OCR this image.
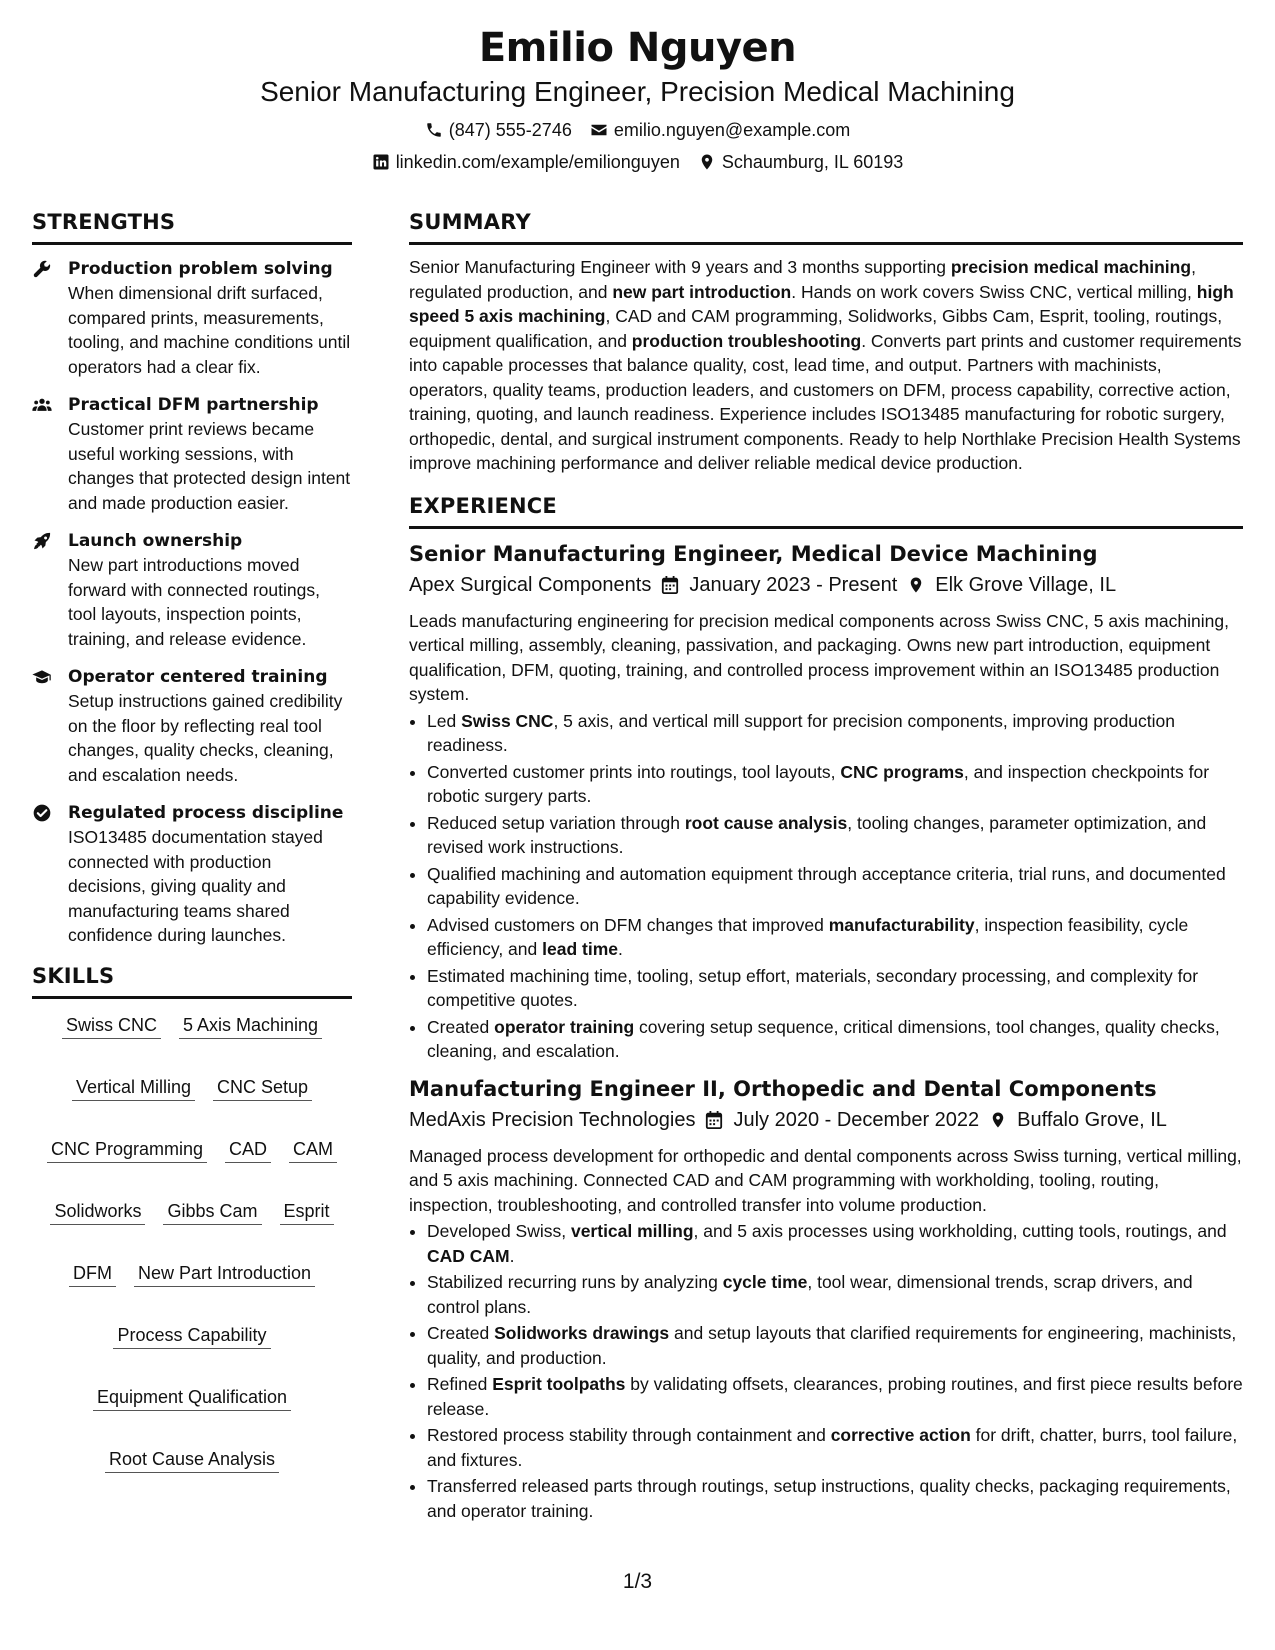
Emilio Nguyen
Senior Manufacturing Engineer, Precision Medical Machining
(847) 555-2746 emilio.nguyen@example.com
linkedin.com/example/emilionguyen Schaumburg, IL 60193
STRENGTHS
Production problem solving
When dimensional drift surfaced, compared prints, measurements, tooling, and machine conditions until operators had a clear fix.
Practical DFM partnership
Customer print reviews became useful working sessions, with changes that protected design intent and made production easier.
Launch ownership
New part introductions moved forward with connected routings, tool layouts, inspection points, training, and release evidence.
Operator centered training
Setup instructions gained credibility on the floor by reflecting real tool changes, quality checks, cleaning, and escalation needs.
Regulated process discipline
ISO13485 documentation stayed connected with production decisions, giving quality and manufacturing teams shared confidence during launches.
SKILLS
Swiss CNC 5 Axis Machining
Vertical Milling CNC Setup
CNC Programming CAD CAM
Solidworks Gibbs Cam Esprit
DFM New Part Introduction
Process Capability
Equipment Qualification
Root Cause Analysis
SUMMARY
Senior Manufacturing Engineer with 9 years and 3 months supporting precision medical machining, regulated production, and new part introduction. Hands on work covers Swiss CNC, vertical milling, high speed 5 axis machining, CAD and CAM programming, Solidworks, Gibbs Cam, Esprit, tooling, routings, equipment qualification, and production troubleshooting. Converts part prints and customer requirements into capable processes that balance quality, cost, lead time, and output. Partners with machinists, operators, quality teams, production leaders, and customers on DFM, process capability, corrective action, training, quoting, and launch readiness. Experience includes ISO13485 manufacturing for robotic surgery, orthopedic, dental, and surgical instrument components. Ready to help Northlake Precision Health Systems improve machining performance and deliver reliable medical device production.
EXPERIENCE
Senior Manufacturing Engineer, Medical Device Machining
Apex Surgical Components January 2023 - Present Elk Grove Village, IL
Leads manufacturing engineering for precision medical components across Swiss CNC, 5 axis machining, vertical milling, assembly, cleaning, passivation, and packaging. Owns new part introduction, equipment qualification, DFM, quoting, training, and controlled process improvement within an ISO13485 production system.
• Led Swiss CNC, 5 axis, and vertical mill support for precision components, improving production readiness.
• Converted customer prints into routings, tool layouts, CNC programs, and inspection checkpoints for robotic surgery parts.
• Reduced setup variation through root cause analysis, tooling changes, parameter optimization, and revised work instructions.
• Qualified machining and automation equipment through acceptance criteria, trial runs, and documented capability evidence.
• Advised customers on DFM changes that improved manufacturability, inspection feasibility, cycle efficiency, and lead time.
• Estimated machining time, tooling, setup effort, materials, secondary processing, and complexity for competitive quotes.
• Created operator training covering setup sequence, critical dimensions, tool changes, quality checks, cleaning, and escalation.
Manufacturing Engineer II, Orthopedic and Dental Components
MedAxis Precision Technologies July 2020 - December 2022 Buffalo Grove, IL
Managed process development for orthopedic and dental components across Swiss turning, vertical milling, and 5 axis machining. Connected CAD and CAM programming with workholding, tooling, routing, inspection, troubleshooting, and controlled transfer into volume production.
• Developed Swiss, vertical milling, and 5 axis processes using workholding, cutting tools, routings, and CAD CAM.
• Stabilized recurring runs by analyzing cycle time, tool wear, dimensional trends, scrap drivers, and control plans.
• Created Solidworks drawings and setup layouts that clarified requirements for engineering, machinists, quality, and production.
• Refined Esprit toolpaths by validating offsets, clearances, probing routines, and first piece results before release.
• Restored process stability through containment and corrective action for drift, chatter, burrs, tool failure, and fixtures.
• Transferred released parts through routings, setup instructions, quality checks, packaging requirements, and operator training.
1/3
